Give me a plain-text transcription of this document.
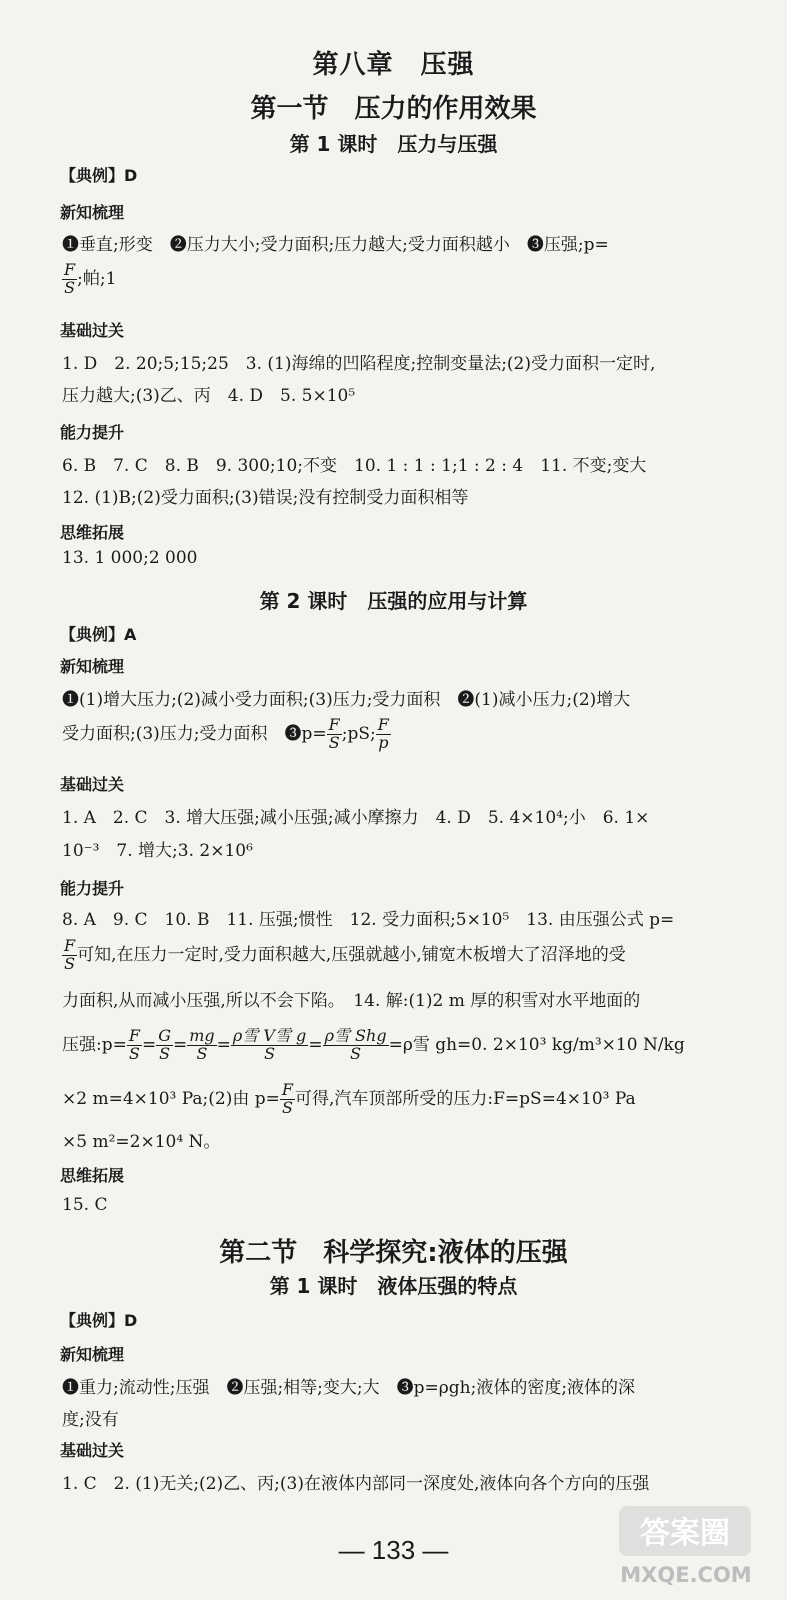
第八章　压强
第一节　压力的作用效果
第 1 课时　压力与压强
【典例】D
新知梳理
❶垂直;形变　❷压力大小;受力面积;压力越大;受力面积越小　❸压强;p=
$\frac{F}{S}$ ;帕;1
基础过关
1. D　2. 20;5;15;25　3. (1)海绵的凹陷程度;控制变量法;(2)受力面积一定时,
压力越大;(3)乙、丙　4. D　5. 5×10⁵
能力提升
6. B　7. C　8. B　9. 300;10;不变　10. 1 : 1 : 1;1 : 2 : 4　11. 不变;变大
12. (1)B;(2)受力面积;(3)错误;没有控制受力面积相等
思维拓展
13. 1 000;2 000
第 2 课时　压强的应用与计算
【典例】A
新知梳理
❶(1)增大压力;(2)减小受力面积;(3)压力;受力面积　❷(1)减小压力;(2)增大
受力面积;(3)压力;受力面积　❸p= $\frac{F}{S}$ ;pS; $\frac{F}{p}$
基础过关
1. A　2. C　3. 增大压强;减小压强;减小摩擦力　4. D　5. 4×10⁴;小　6. 1×
10⁻³　7. 增大;3. 2×10⁶
能力提升
8. A　9. C　10. B　11. 压强;惯性　12. 受力面积;5×10⁵　13. 由压强公式 p=
$\frac{F}{S}$ 可知,在压力一定时,受力面积越大,压强就越小,铺宽木板增大了沼泽地的受
力面积,从而减小压强,所以不会下陷。　14. 解:(1)2 m 厚的积雪对水平地面的
压强:p= $\frac{F}{S} = \frac{G}{S} = \frac{mg}{S} = \frac{\text{ρ雪 V雪 g}}{S} = \frac{\text{ρ雪 Shg}}{S} =\rho$雪 gh=0. 2×10³ kg/m³×10 N/kg
×2 m=4×10³ Pa;(2)由 $p= \frac{F}{S}$ 可得,汽车顶部所受的压力:F=pS=4×10³ Pa
×5 m²=2×10⁴ N。
思维拓展
15. C
第二节　科学探究:液体的压强
第 1 课时　液体压强的特点
【典例】D
新知梳理
❶重力;流动性;压强　❷压强;相等;变大;大　❸p=ρgh;液体的密度;液体的深
度;没有
基础过关
1. C　2. (1)无关;(2)乙、丙;(3)在液体内部同一深度处,液体向各个方向的压强
— 133 —	答案圈
MXQE.COM
